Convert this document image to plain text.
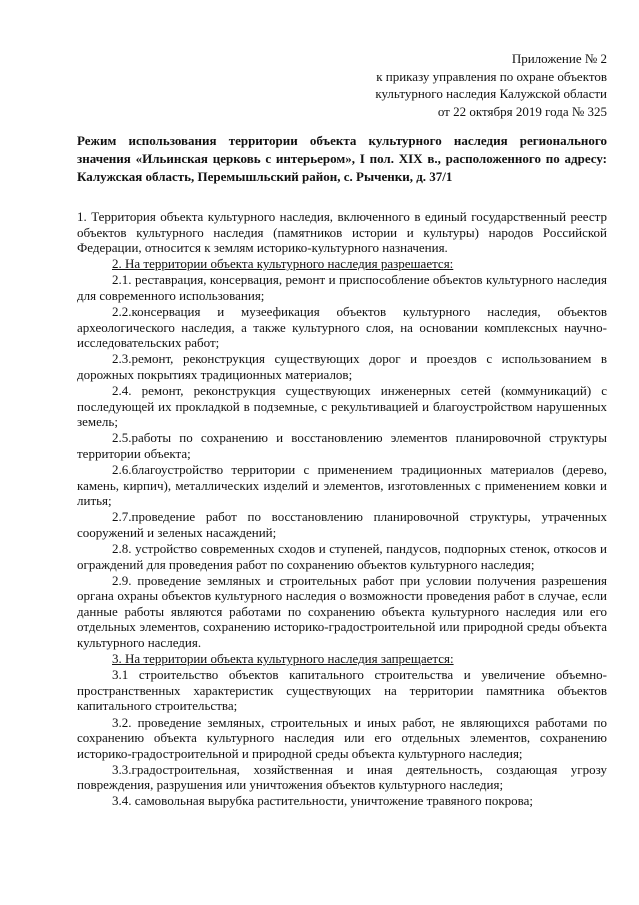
Приложение № 2
к приказу управления по охране объектов
культурного наследия Калужской области
от 22 октября 2019 года № 325
Режим использования территории объекта культурного наследия регионального значения «Ильинская церковь с интерьером», I пол. XIX в., расположенного по адресу: Калужская область, Перемышльский район, с. Рыченки, д. 37/1

1. Территория объекта культурного наследия, включенного в единый государственный реестр объектов культурного наследия (памятников истории и культуры) народов Российской Федерации, относится к землям историко-культурного назначения.

2. На территории объекта культурного наследия разрешается:

2.1. реставрация, консервация, ремонт и приспособление объектов культурного наследия для современного использования;

2.2.консервация и музеефикация объектов культурного наследия, объектов археологического наследия, а также культурного слоя, на основании комплексных научно-исследовательских работ;

2.3.ремонт, реконструкция существующих дорог и проездов с использованием в дорожных покрытиях традиционных материалов;

2.4. ремонт, реконструкция существующих инженерных сетей (коммуникаций) с последующей их прокладкой в подземные, с рекультивацией и благоустройством нарушенных земель;

2.5.работы по сохранению и восстановлению элементов планировочной структуры территории объекта;

2.6.благоустройство территории с применением традиционных материалов (дерево, камень, кирпич), металлических изделий и элементов, изготовленных с применением ковки и литья;

2.7.проведение работ по восстановлению планировочной структуры, утраченных сооружений и зеленых насаждений;

2.8. устройство современных сходов и ступеней, пандусов, подпорных стенок, откосов и ограждений для проведения работ по сохранению объектов культурного наследия;

2.9. проведение земляных и строительных работ при условии получения разрешения органа охраны объектов культурного наследия о возможности проведения работ в случае, если данные работы являются работами по сохранению объекта культурного наследия или его отдельных элементов, сохранению историко-градостроительной или природной среды объекта культурного наследия.

3. На территории объекта культурного наследия запрещается:

3.1 строительство объектов капитального строительства и увеличение объемно-пространственных характеристик существующих на территории памятника объектов капитального строительства;

3.2. проведение земляных, строительных и иных работ, не являющихся работами по сохранению объекта культурного наследия или его отдельных элементов, сохранению историко-градостроительной и природной среды объекта культурного наследия;

3.3.градостроительная, хозяйственная и иная деятельность, создающая угрозу повреждения, разрушения или уничтожения объектов культурного наследия;

3.4. самовольная вырубка растительности, уничтожение травяного покрова;
